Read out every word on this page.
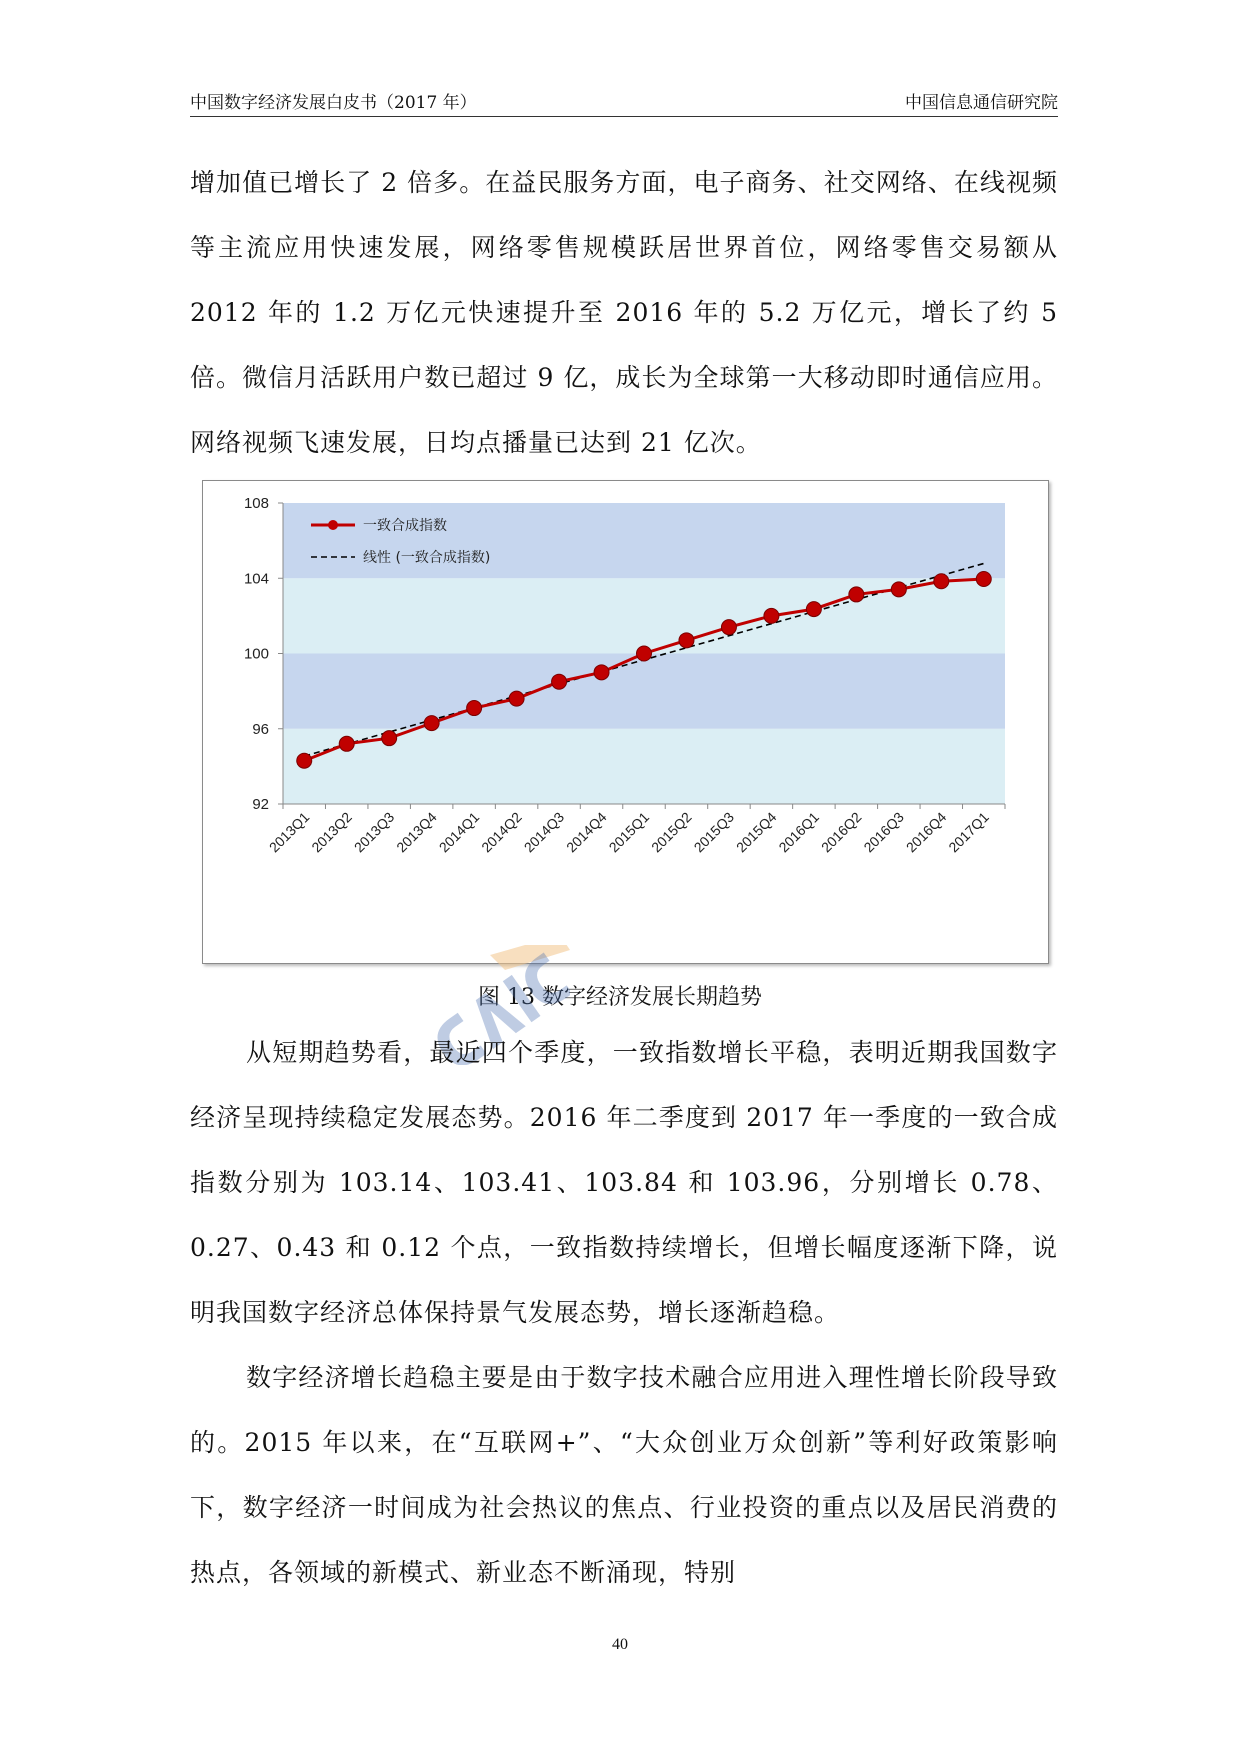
中国数字经济发展白皮书（2017 年）	中国信息通信研究院

增加值已增长了 2 倍多。在益民服务方面，电子商务、社交网络、在线视频等主流应用快速发展，网络零售规模跃居世界首位，网络零售交易额从 2012 年的 1.2 万亿元快速提升至 2016 年的 5.2 万亿元，增长了约 5 倍。微信月活跃用户数已超过 9 亿，成长为全球第一大移动即时通信应用。网络视频飞速发展，日均点播量已达到 21 亿次。

92
96
100
104
108
2013Q1
2013Q2
2013Q3
2013Q4
2014Q1
2014Q2
2014Q3
2014Q4
2015Q1
2015Q2
2015Q3
2015Q4
2016Q1
2016Q2
2016Q3
2016Q4
2017Q1
一致合成指数
线性 (一致合成指数)
图 13 数字经济发展长期趋势

从短期趋势看，最近四个季度，一致指数增长平稳，表明近期我国数字经济呈现持续稳定发展态势。2016 年二季度到 2017 年一季度的一致合成指数分别为 103.14、103.41、103.84 和 103.96，分别增长 0.78、0.27、0.43 和 0.12 个点，一致指数持续增长，但增长幅度逐渐下降，说明我国数字经济总体保持景气发展态势，增长逐渐趋稳。

数字经济增长趋稳主要是由于数字技术融合应用进入理性增长阶段导致的。2015 年以来，在“互联网+”、“大众创业万众创新”等利好政策影响下，数字经济一时间成为社会热议的焦点、行业投资的重点以及居民消费的热点，各领域的新模式、新业态不断涌现，特别

40
